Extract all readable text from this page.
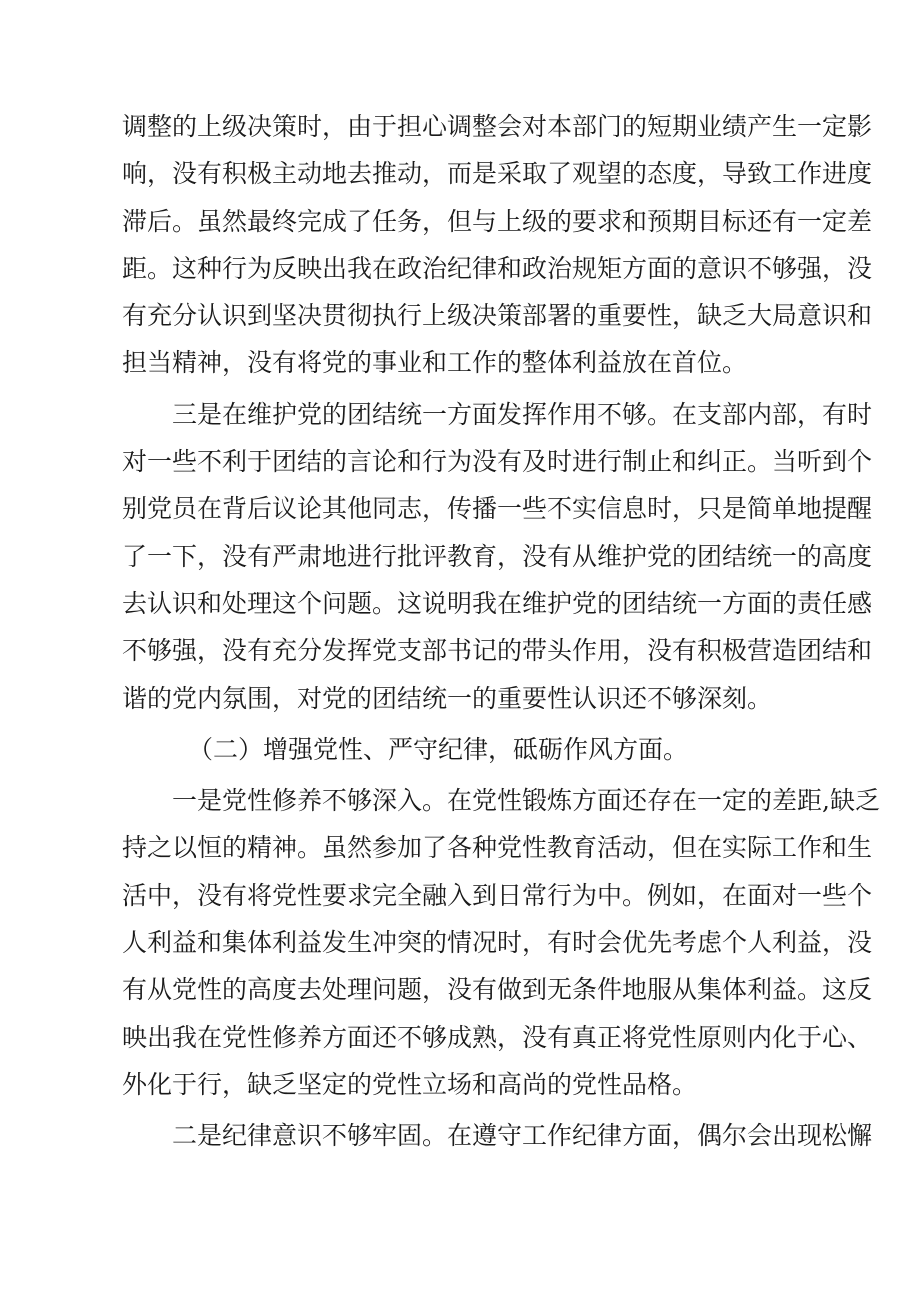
调整的上级决策时，由于担心调整会对本部门的短期业绩产生一定影
响，没有积极主动地去推动，而是采取了观望的态度，导致工作进度
滞后。虽然最终完成了任务，但与上级的要求和预期目标还有一定差
距。这种行为反映出我在政治纪律和政治规矩方面的意识不够强，没
有充分认识到坚决贯彻执行上级决策部署的重要性，缺乏大局意识和
担当精神，没有将党的事业和工作的整体利益放在首位。
三是在维护党的团结统一方面发挥作用不够。在支部内部，有时
对一些不利于团结的言论和行为没有及时进行制止和纠正。当听到个
别党员在背后议论其他同志，传播一些不实信息时，只是简单地提醒
了一下，没有严肃地进行批评教育，没有从维护党的团结统一的高度
去认识和处理这个问题。这说明我在维护党的团结统一方面的责任感
不够强，没有充分发挥党支部书记的带头作用，没有积极营造团结和
谐的党内氛围，对党的团结统一的重要性认识还不够深刻。
（二）增强党性、严守纪律，砥砺作风方面。
一是党性修养不够深入。在党性锻炼方面还存在一定的差距,缺乏
持之以恒的精神。虽然参加了各种党性教育活动，但在实际工作和生
活中，没有将党性要求完全融入到日常行为中。例如，在面对一些个
人利益和集体利益发生冲突的情况时，有时会优先考虑个人利益，没
有从党性的高度去处理问题，没有做到无条件地服从集体利益。这反
映出我在党性修养方面还不够成熟，没有真正将党性原则内化于心、
外化于行，缺乏坚定的党性立场和高尚的党性品格。
二是纪律意识不够牢固。在遵守工作纪律方面，偶尔会出现松懈
